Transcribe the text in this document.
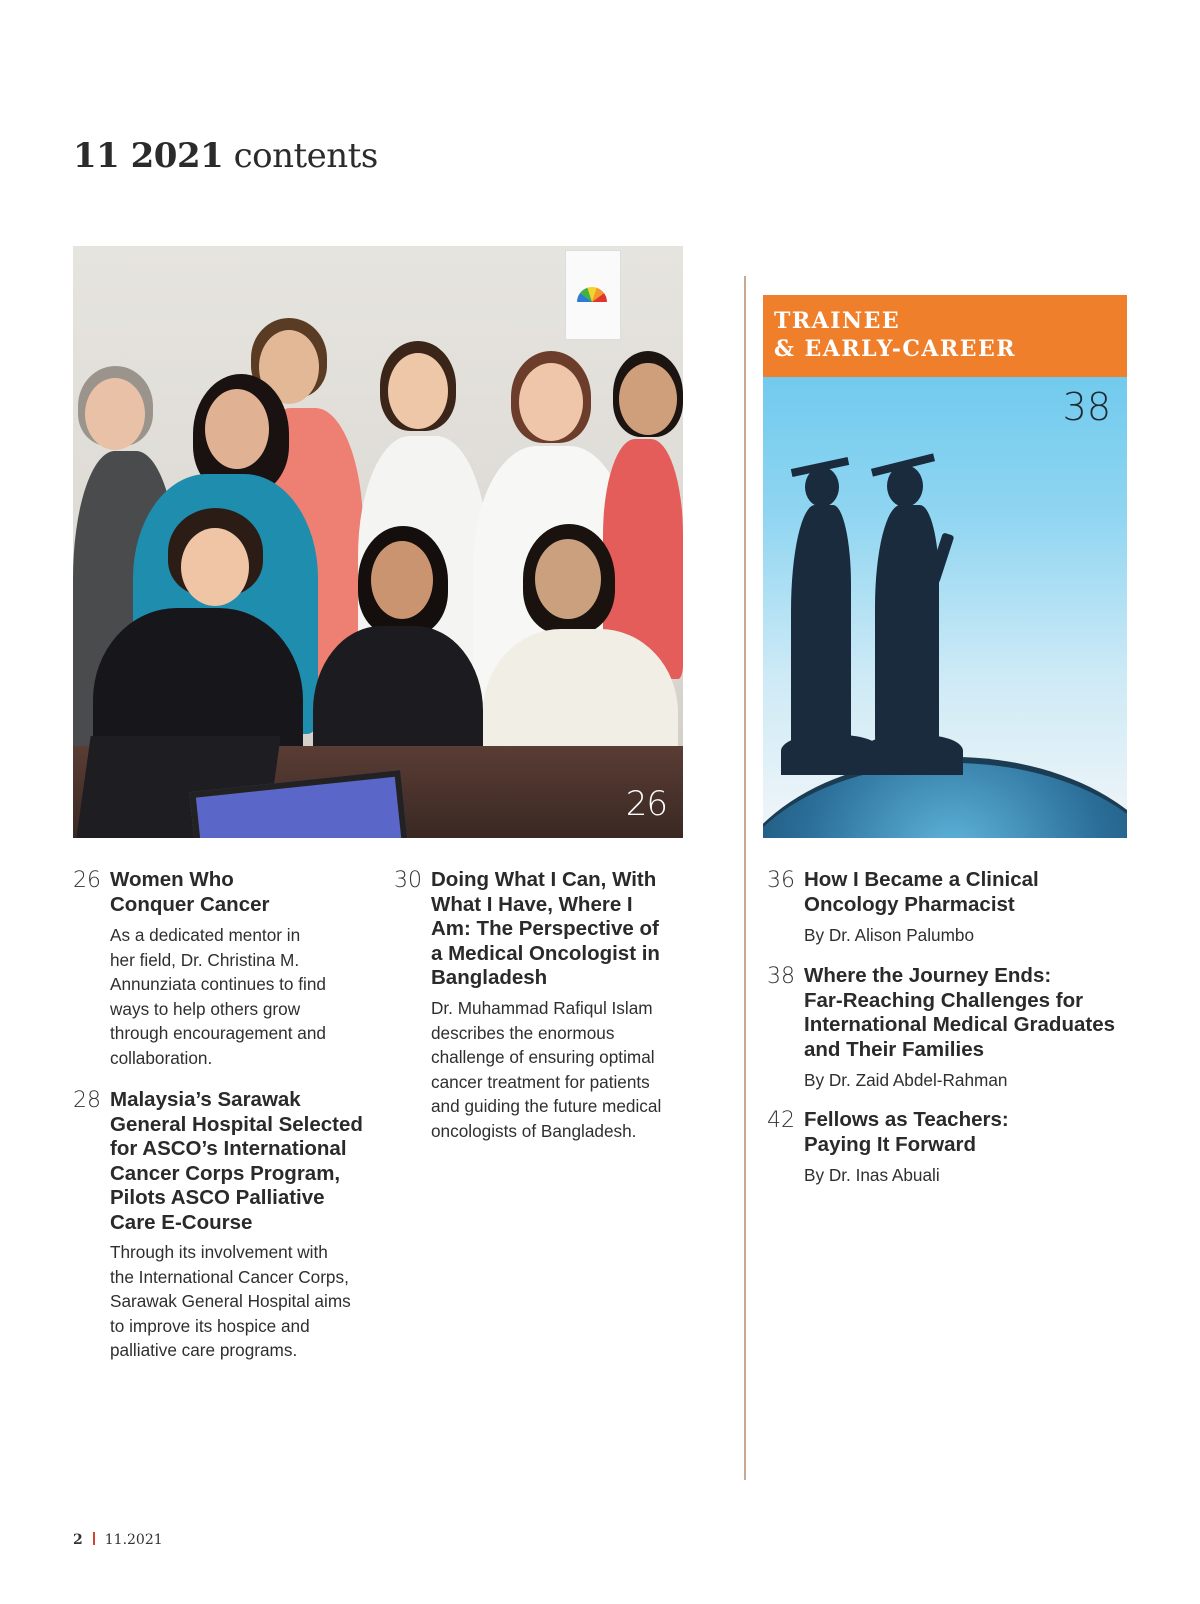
11 2021 contents
26

TRAINEE
& EARLY-CAREER

38
26 Women Who
Conquer Cancer

As a dedicated mentor in
her field, Dr. Christina M.
Annunziata continues to find
ways to help others grow
through encouragement and
collaboration.

28 Malaysia’s Sarawak
General Hospital Selected
for ASCO’s International
Cancer Corps Program,
Pilots ASCO Palliative
Care E-Course

Through its involvement with
the International Cancer Corps,
Sarawak General Hospital aims
to improve its hospice and
palliative care programs.

30 Doing What I Can, With
What I Have, Where I
Am: The Perspective of
a Medical Oncologist in
Bangladesh

Dr. Muhammad Rafiqul Islam
describes the enormous
challenge of ensuring optimal
cancer treatment for patients
and guiding the future medical
oncologists of Bangladesh.

36 How I Became a Clinical
Oncology Pharmacist

By Dr. Alison Palumbo

38 Where the Journey Ends:
Far-Reaching Challenges for
International Medical Graduates
and Their Families

By Dr. Zaid Abdel-Rahman

42 Fellows as Teachers:
Paying It Forward

By Dr. Inas Abuali

2 11.2021
